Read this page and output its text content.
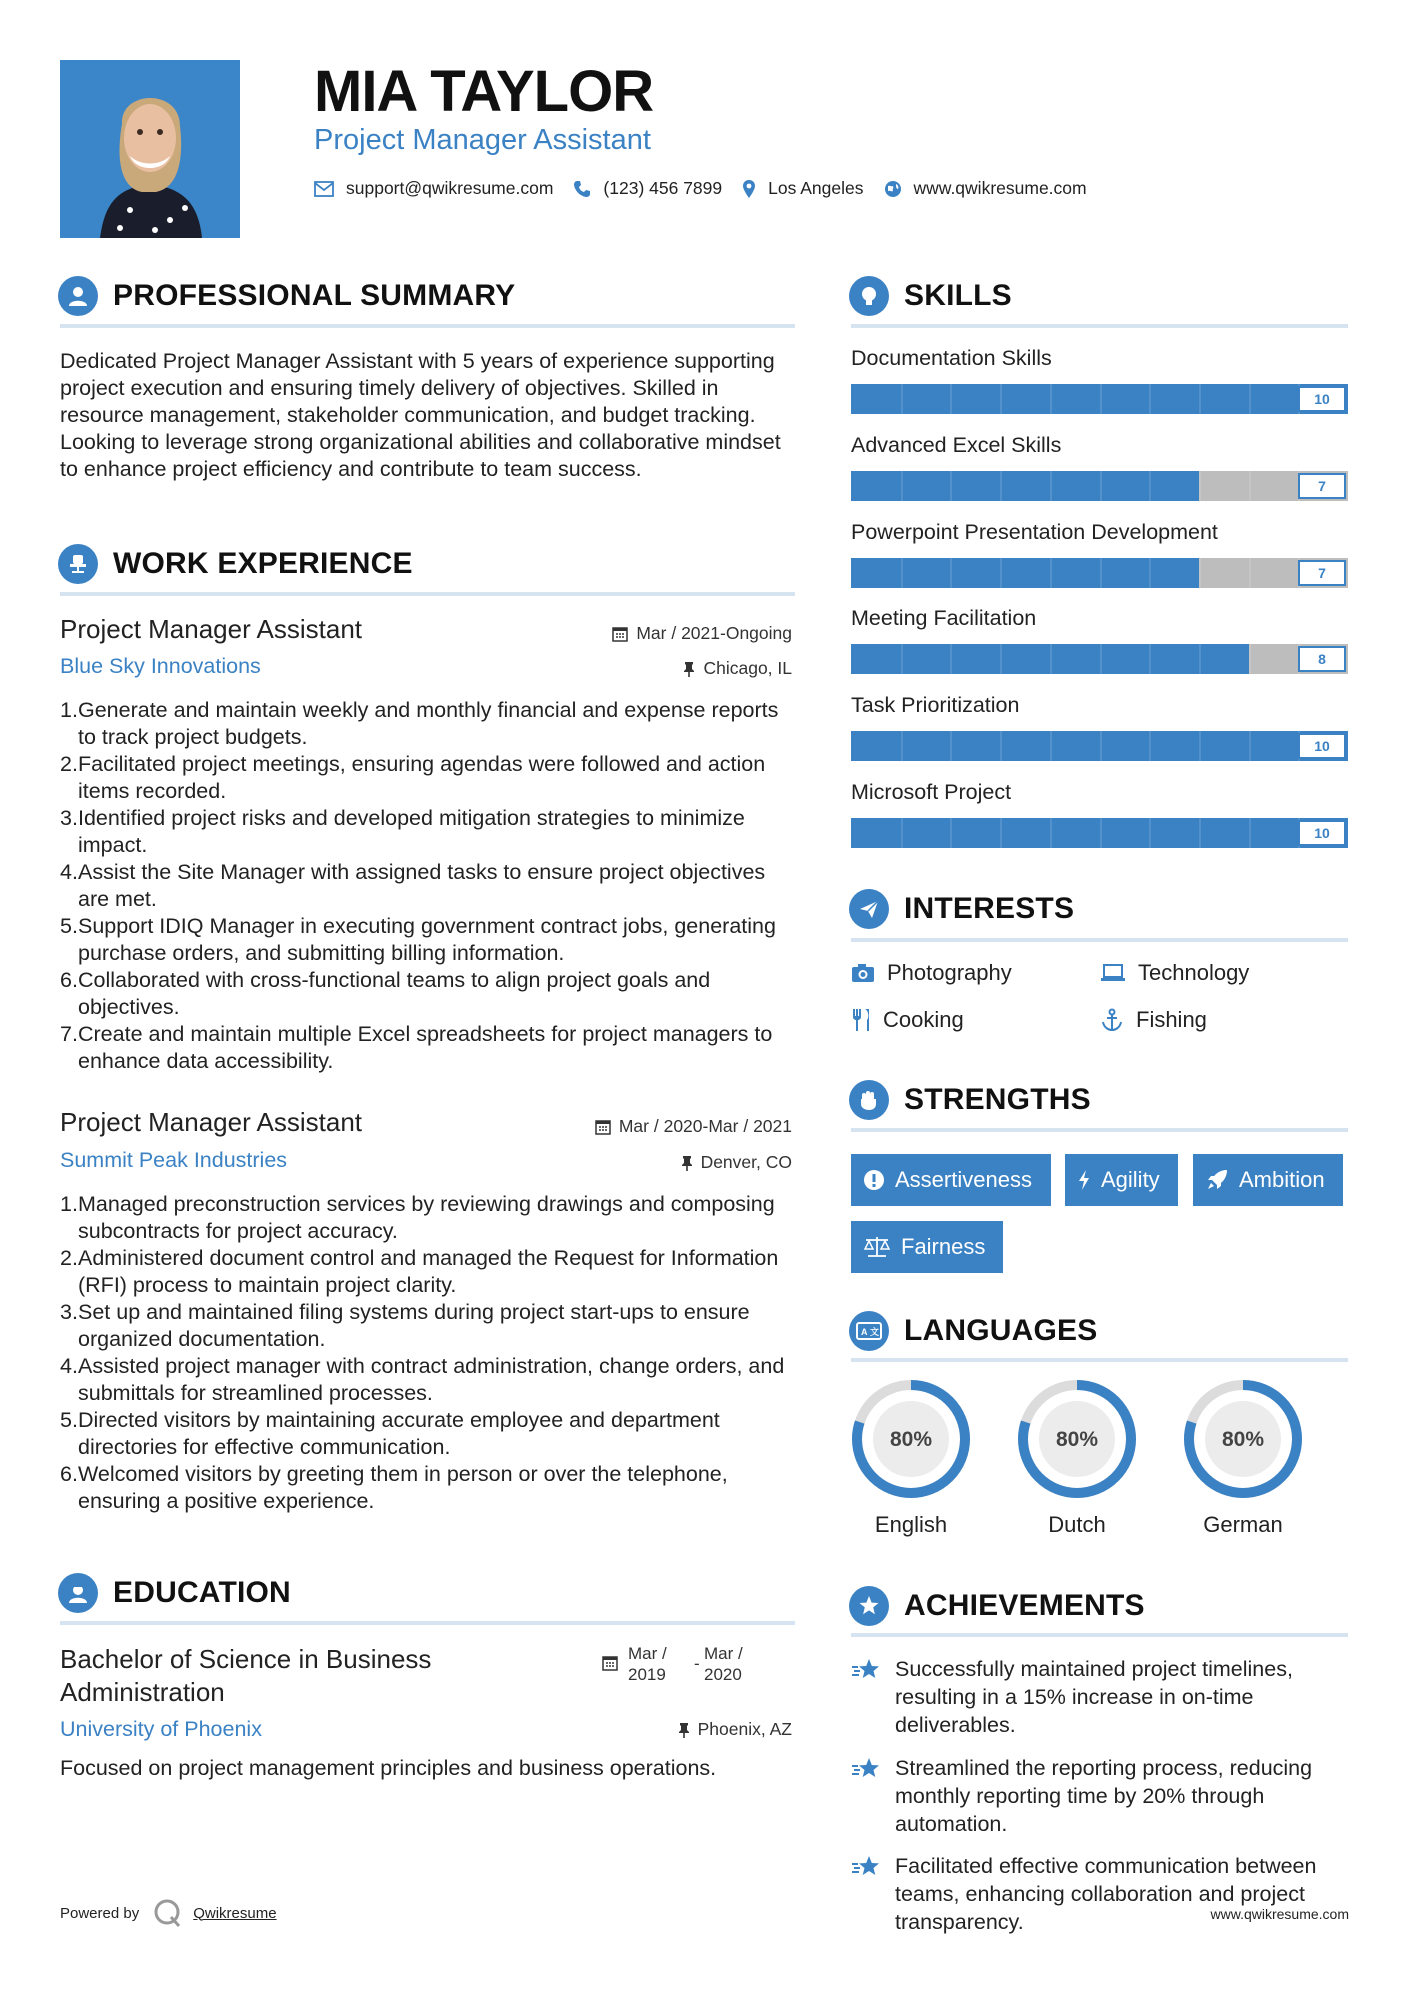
MIA TAYLOR
Project Manager Assistant
support@qwikresume.com	(123) 456 7899	Los Angeles	www.qwikresume.com
PROFESSIONAL SUMMARY
Dedicated Project Manager Assistant with 5 years of experience supporting project execution and ensuring timely delivery of objectives. Skilled in resource management, stakeholder communication, and budget tracking. Looking to leverage strong organizational abilities and collaborative mindset to enhance project efficiency and contribute to team success.
WORK EXPERIENCE
Project Manager Assistant	Mar / 2021-Ongoing
Blue Sky Innovations	Chicago, IL
1. Generate and maintain weekly and monthly financial and expense reports to track project budgets.
2. Facilitated project meetings, ensuring agendas were followed and action items recorded.
3. Identified project risks and developed mitigation strategies to minimize impact.
4. Assist the Site Manager with assigned tasks to ensure project objectives are met.
5. Support IDIQ Manager in executing government contract jobs, generating purchase orders, and submitting billing information.
6. Collaborated with cross-functional teams to align project goals and objectives.
7. Create and maintain multiple Excel spreadsheets for project managers to enhance data accessibility.
Project Manager Assistant	Mar / 2020-Mar / 2021
Summit Peak Industries	Denver, CO
1. Managed preconstruction services by reviewing drawings and composing subcontracts for project accuracy.
2. Administered document control and managed the Request for Information (RFI) process to maintain project clarity.
3. Set up and maintained filing systems during project start-ups to ensure organized documentation.
4. Assisted project manager with contract administration, change orders, and submittals for streamlined processes.
5. Directed visitors by maintaining accurate employee and department directories for effective communication.
6. Welcomed visitors by greeting them in person or over the telephone, ensuring a positive experience.
EDUCATION
Bachelor of Science in Business
Administration
Mar /
2019
-
Mar /
2020
University of Phoenix	Phoenix, AZ
Focused on project management principles and business operations.
Powered by	Qwikresume	www.qwikresume.com
SKILLS
Documentation Skills
10
Advanced Excel Skills
7
Powerpoint Presentation Development
7
Meeting Facilitation
8
Task Prioritization
10
Microsoft Project
10
INTERESTS
Photography	Technology
Cooking	Fishing
STRENGTHS
Assertiveness	Agility	Ambition
Fairness
A 文 LANGUAGES
80%
English
80%
Dutch
80%
German
ACHIEVEMENTS
Successfully maintained project timelines, resulting in a 15% increase in on-time deliverables.
Streamlined the reporting process, reducing monthly reporting time by 20% through automation.
Facilitated effective communication between teams, enhancing collaboration and project transparency.
